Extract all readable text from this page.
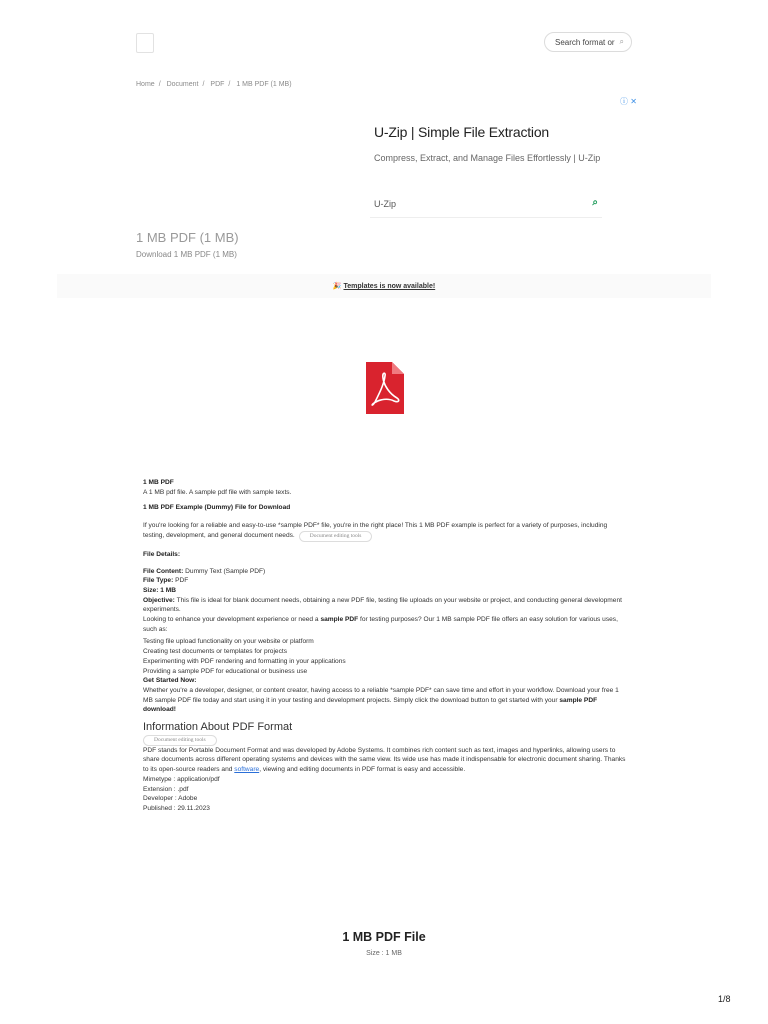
Search format or ⌕
Home / Document / PDF / 1 MB PDF (1 MB)
ⓘ ✕
U-Zip | Simple File Extraction
Compress, Extract, and Manage Files Effortlessly | U-Zip
U-Zip	⌕
1 MB PDF (1 MB)
Download 1 MB PDF (1 MB)
🎉 Templates is now available!

1 MB PDF

A 1 MB pdf file. A sample pdf file with sample texts.

1 MB PDF Example (Dummy) File for Download

If you're looking for a reliable and easy-to-use *sample PDF* file, you're in the right place! This 1 MB PDF example is perfect for a variety of purposes, including testing, development, and general document needs.	Document editing tools

File Details:

File Content: Dummy Text (Sample PDF)

File Type: PDF

Size: 1 MB

Objective: This file is ideal for blank document needs, obtaining a new PDF file, testing file uploads on your website or project, and conducting general development experiments.

Looking to enhance your development experience or need a sample PDF for testing purposes? Our 1 MB sample PDF file offers an easy solution for various uses, such as:

Testing file upload functionality on your website or platform
Creating test documents or templates for projects
Experimenting with PDF rendering and formatting in your applications
Providing a sample PDF for educational or business use

Get Started Now:

Whether you're a developer, designer, or content creator, having access to a reliable *sample PDF* can save time and effort in your workflow. Download your free 1 MB sample PDF file today and start using it in your testing and development projects. Simply click the download button to get started with your sample PDF download!

Information About PDF Format

Document editing tools

PDF stands for Portable Document Format and was developed by Adobe Systems. It combines rich content such as text, images and hyperlinks, allowing users to share documents across different operating systems and devices with the same view. Its wide use has made it indispensable for electronic document sharing. Thanks to its open-source readers and software, viewing and editing documents in PDF format is easy and accessible.

Mimetype : application/pdf

Extension : .pdf

Developer : Adobe

Published : 29.11.2023

1 MB PDF File
Size : 1 MB
1/8
